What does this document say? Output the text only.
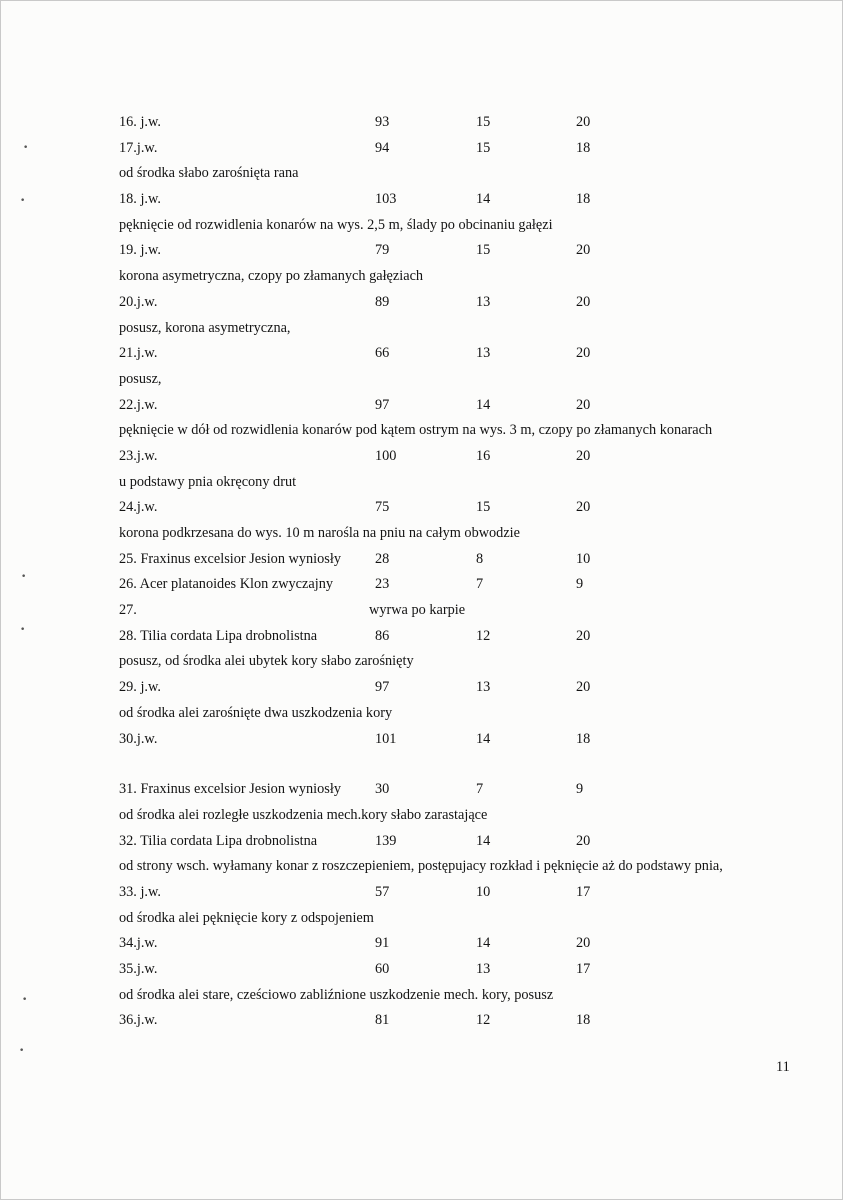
•
•
•
•
•
•
16. j.w.	93	15	20
17.j.w.	94	15	18
od środka słabo zarośnięta rana
18. j.w.	103	14	18
pęknięcie od rozwidlenia konarów na wys. 2,5 m, ślady po obcinaniu gałęzi
19. j.w.	79	15	20
korona asymetryczna, czopy po złamanych gałęziach
20.j.w.	89	13	20
posusz, korona asymetryczna,
21.j.w.	66	13	20
posusz,
22.j.w.	97	14	20
pęknięcie w dół od rozwidlenia konarów pod kątem ostrym na wys. 3 m, czopy po złamanych konarach
23.j.w.	100	16	20
u podstawy pnia okręcony drut
24.j.w.	75	15	20
korona podkrzesana do wys. 10 m narośla na pniu na całym obwodzie
25. Fraxinus excelsior Jesion wyniosły 28	8	10
26. Acer platanoides Klon zwyczajny	23	7	9
27.	wyrwa po karpie
28. Tilia cordata Lipa drobnolistna	86	12	20
posusz, od środka alei ubytek kory słabo zarośnięty
29. j.w.	97	13	20
od środka alei zarośnięte dwa uszkodzenia kory
30.j.w.	101	14	18
31. Fraxinus excelsior Jesion wyniosły 30	7	9
od środka alei rozległe uszkodzenia mech.kory słabo zarastające
32. Tilia cordata Lipa drobnolistna	139	14	20
od strony wsch. wyłamany konar z roszczepieniem, postępujacy rozkład i pęknięcie aż do podstawy pnia,
33. j.w.	57	10	17
od środka alei pęknięcie kory z odspojeniem
34.j.w.	91	14	20
35.j.w.	60	13	17
od środka alei stare, cześciowo zabliźnione uszkodzenie mech. kory, posusz
36.j.w.	81	12	18
11
